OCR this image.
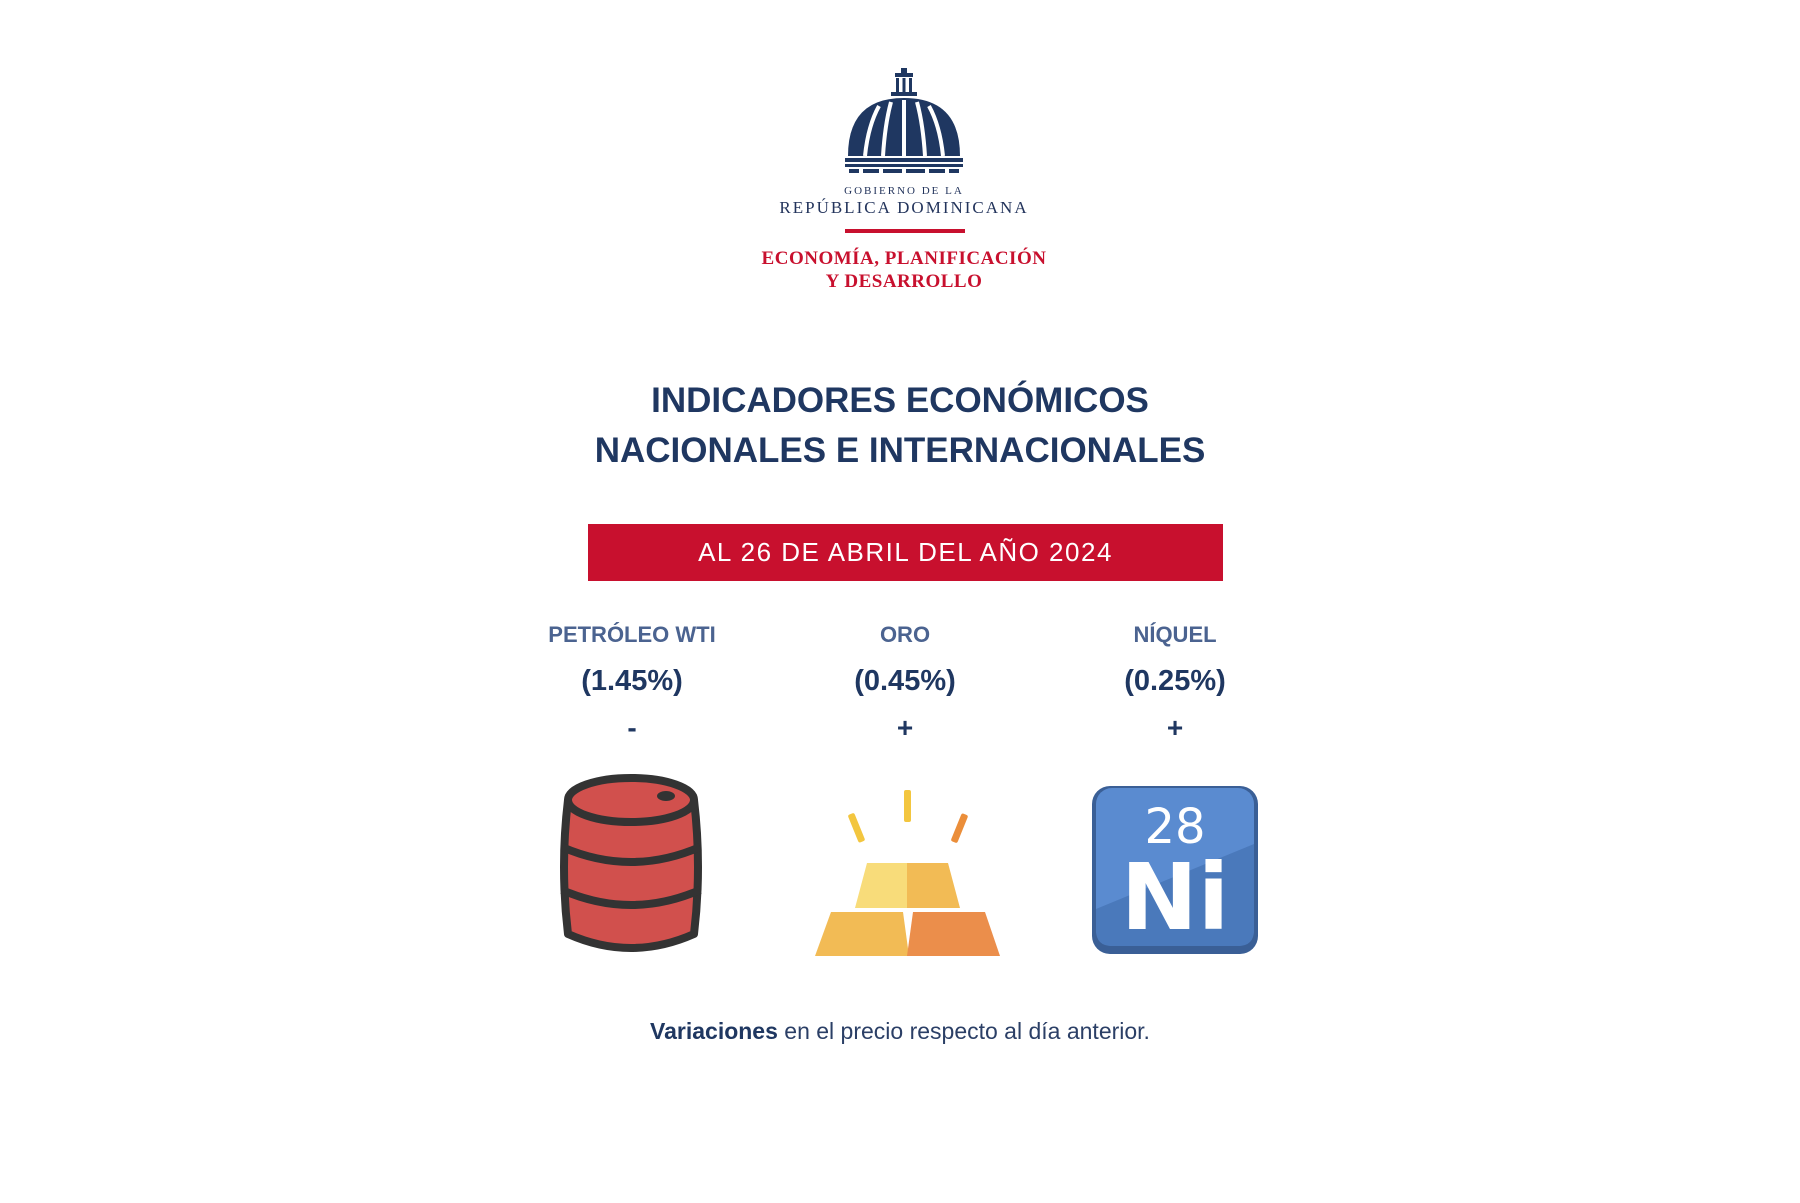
GOBIERNO DE LA
REPÚBLICA DOMINICANA
ECONOMÍA, PLANIFICACIÓN
Y DESARROLLO
INDICADORES ECONÓMICOS
NACIONALES E INTERNACIONALES
AL 26 DE ABRIL DEL AÑO 2024
PETRÓLEO WTI
(1.45%)
-
ORO
(0.45%)
+
NÍQUEL
(0.25%)
+
28
Ni
Variaciones en el precio respecto al día anterior.
